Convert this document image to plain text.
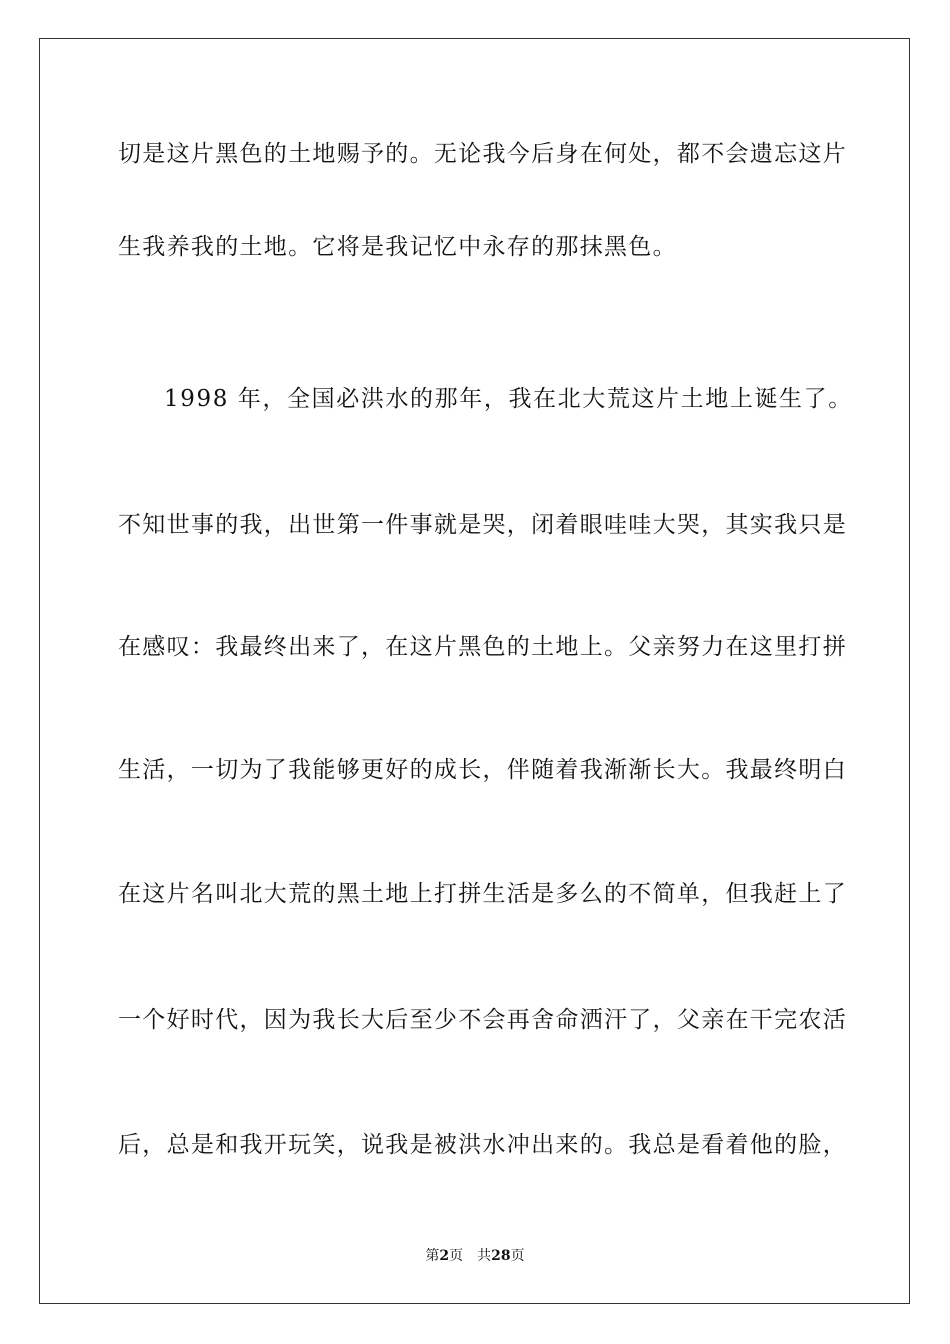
切是这片黑色的土地赐予的。无论我今后身在何处，都不会遗忘这片
生我养我的土地。它将是我记忆中永存的那抹黑色。
1998 年，全国必洪水的那年，我在北大荒这片土地上诞生了。
不知世事的我，出世第一件事就是哭，闭着眼哇哇大哭，其实我只是
在感叹：我最终出来了，在这片黑色的土地上。父亲努力在这里打拼
生活，一切为了我能够更好的成长，伴随着我渐渐长大。我最终明白
在这片名叫北大荒的黑土地上打拼生活是多么的不简单，但我赶上了
一个好时代，因为我长大后至少不会再舍命洒汗了，父亲在干完农活
后，总是和我开玩笑，说我是被洪水冲出来的。我总是看着他的脸，
第2页 共28页
